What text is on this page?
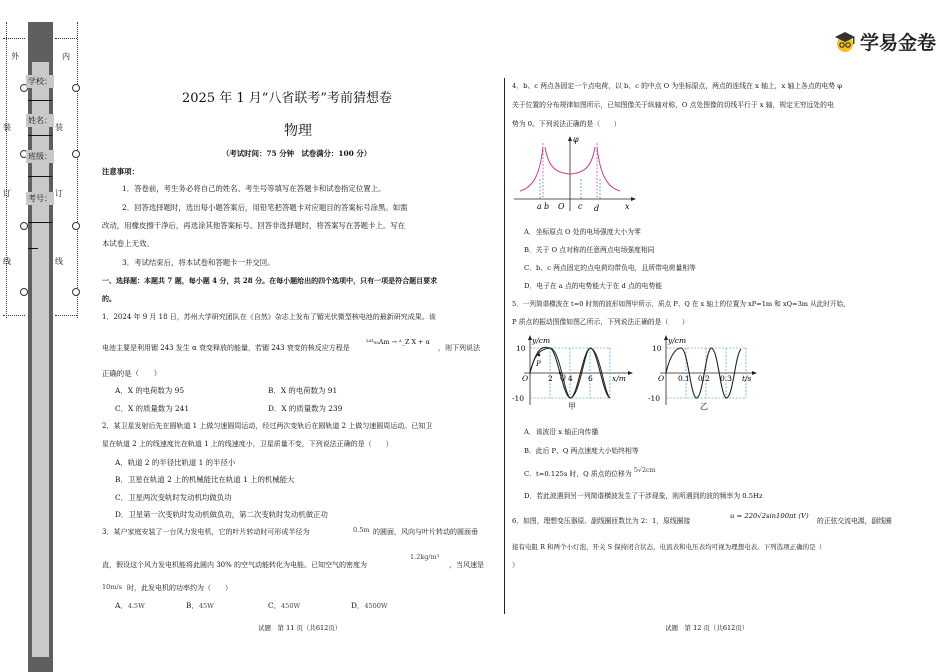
外	内
装	装
订	订
线	线
学校：
姓名：
班级：
考号：
学易金卷
2025 年 1 月“八省联考”考前猜想卷
物理
（考试时间：75 分钟　试卷满分：100 分）
注意事项：
1．答卷前，考生务必将自己的姓名、考生号等填写在答题卡和试卷指定位置上。
2．回答选择题时，选出每小题答案后，用铅笔把答题卡对应题目的答案标号涂黑。如需
改动，用橡皮擦干净后，再选涂其他答案标号。回答非选择题时，将答案写在答题卡上。写在
本试卷上无效。
3．考试结束后，将本试卷和答题卡一并交回。
一、选择题：本题共 7 题，每小题 4 分，共 28 分。在每小题给出的四个选项中，只有一项是符合题目要求
的。
1．2024 年 9 月 18 日，苏州大学研究团队在《自然》杂志上发布了镅光伏微型核电池的最新研究成果。该
电池主要是利用镅 243 发生 α 衰变释放的能量，若镅 243 衰变的核反应方程是
²⁴³₉₅Am → ᴬ_Z X + α
，则下列说法
正确的是（　　）
A．X 的电荷数为 95	B．X 的电荷数为 91
C．X 的质量数为 241	D．X 的质量数为 239
2．某卫星发射后先在圆轨道 1 上做匀速圆周运动，经过两次变轨后在圆轨道 2 上做匀速圆周运动。已知卫
星在轨道 2 上的线速度比在轨道 1 上的线速度小，卫星质量不变，下列说法正确的是（　　）
A．轨道 2 的半径比轨道 1 的半径小
B．卫星在轨道 2 上的机械能比在轨道 1 上的机械能大
C．卫星两次变轨时发动机均做负功
D．卫星第一次变轨时发动机做负功，第二次变轨时发动机做正功
3．某户家庭安装了一台风力发电机，它的叶片转动时可形成半径为	0.5m 的圆面，风向与叶片转动的圆面垂
直，假设这个风力发电机能将此圆内 30% 的空气动能转化为电能。已知空气的密度为
1.2kg/m³
，当风速是
10m/s 时，此发电机的功率约为（　　）
A．4.5W	B．45W	C．450W	D．4500W
试题　第 11 页（共612页）
4．b、c 两点各固定一个点电荷，以 b、c 的中点 O 为坐标原点，两点的连线在 x 轴上，x 轴上各点的电势 φ
关于位置的分布规律如图所示，已知图像关于纵轴对称，O 点处图像的切线平行于 x 轴，规定无穷远处的电
势为 0。下列说法正确的是（　　）
φ
a b O c d	x
A．坐标原点 O 处的电场强度大小为零
B．关于 O 点对称的任意两点电场强度相同
C．b、c 两点固定的点电荷均带负电，且所带电荷量相等
D．电子在 a 点的电势能大于在 d 点的电势能
5．一列简谐横波在 t=0 时刻的波形如图甲所示，质点 P、Q 在 x 轴上的位置为 xP=1m 和 xQ=3m 从此时开始，
P 质点的振动图像如图乙所示，下列说法正确的是（　　）
y/cm
10
-10
O
P
2 Q 4 6	x/m
甲
y/cm
10
-10
O 0.1 0.2 0.3 t/s
乙
A．该波沿 x 轴正向传播
B．此后 P、Q 两点速度大小始终相等
C．t=0.125s 时，Q 质点的位移为 5√2cm
D．若此波遇到另一列简谐横波发生了干涉现象，则所遇到的波的频率为 0.5Hz
6．如图，理想变压器原、副线圈匝数比为 2：1，原线圈接
u = 220√2sin100πt (V)
的正弦交流电源，副线圈
接有电阻 R 和两个小灯泡，开关 S 保持闭合状态，电流表和电压表均可视为理想电表。下列选项正确的是（
）
试题　第 12 页（共612页）
